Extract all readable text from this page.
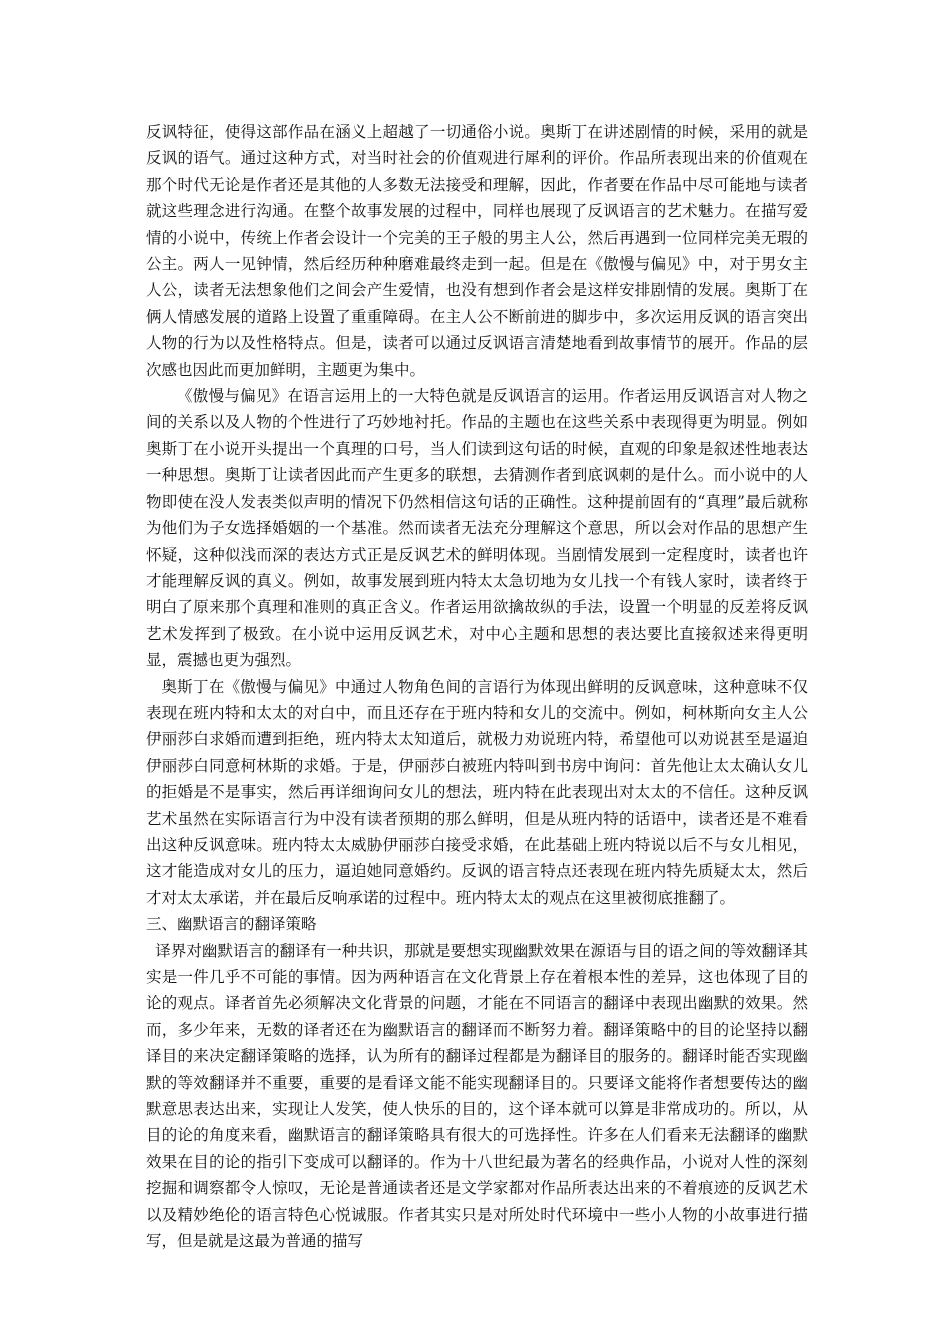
反讽特征，使得这部作品在涵义上超越了一切通俗小说。奥斯丁在讲述剧情的时候，采用的就是反讽的语气。通过这种方式，对当时社会的价值观进行犀利的评价。作品所表现出来的价值观在那个时代无论是作者还是其他的人多数无法接受和理解，因此，作者要在作品中尽可能地与读者就这些理念进行沟通。在整个故事发展的过程中，同样也展现了反讽语言的艺术魅力。在描写爱情的小说中，传统上作者会设计一个完美的王子般的男主人公，然后再遇到一位同样完美无瑕的公主。两人一见钟情，然后经历种种磨难最终走到一起。但是在《傲慢与偏见》中，对于男女主人公，读者无法想象他们之间会产生爱情，也没有想到作者会是这样安排剧情的发展。奥斯丁在俩人情感发展的道路上设置了重重障碍。在主人公不断前进的脚步中，多次运用反讽的语言突出人物的行为以及性格特点。但是，读者可以通过反讽语言清楚地看到故事情节的展开。作品的层次感也因此而更加鲜明，主题更为集中。

《傲慢与偏见》在语言运用上的一大特色就是反讽语言的运用。作者运用反讽语言对人物之间的关系以及人物的个性进行了巧妙地衬托。作品的主题也在这些关系中表现得更为明显。例如奥斯丁在小说开头提出一个真理的口号，当人们读到这句话的时候，直观的印象是叙述性地表达一种思想。奥斯丁让读者因此而产生更多的联想，去猜测作者到底讽刺的是什么。而小说中的人物即使在没人发表类似声明的情况下仍然相信这句话的正确性。这种提前固有的“真理”最后就称为他们为子女选择婚姻的一个基准。然而读者无法充分理解这个意思，所以会对作品的思想产生怀疑，这种似浅而深的表达方式正是反讽艺术的鲜明体现。当剧情发展到一定程度时，读者也许才能理解反讽的真义。例如，故事发展到班内特太太急切地为女儿找一个有钱人家时，读者终于明白了原来那个真理和准则的真正含义。作者运用欲擒故纵的手法，设置一个明显的反差将反讽艺术发挥到了极致。在小说中运用反讽艺术，对中心主题和思想的表达要比直接叙述来得更明显，震撼也更为强烈。

奥斯丁在《傲慢与偏见》中通过人物角色间的言语行为体现出鲜明的反讽意味，这种意味不仅表现在班内特和太太的对白中，而且还存在于班内特和女儿的交流中。例如，柯林斯向女主人公伊丽莎白求婚而遭到拒绝，班内特太太知道后，就极力劝说班内特，希望他可以劝说甚至是逼迫伊丽莎白同意柯林斯的求婚。于是，伊丽莎白被班内特叫到书房中询问：首先他让太太确认女儿的拒婚是不是事实，然后再详细询问女儿的想法，班内特在此表现出对太太的不信任。这种反讽艺术虽然在实际语言行为中没有读者预期的那么鲜明，但是从班内特的话语中，读者还是不难看出这种反讽意味。班内特太太威胁伊丽莎白接受求婚，在此基础上班内特说以后不与女儿相见，这才能造成对女儿的压力，逼迫她同意婚约。反讽的语言特点还表现在班内特先质疑太太，然后才对太太承诺，并在最后反响承诺的过程中。班内特太太的观点在这里被彻底推翻了。

三、幽默语言的翻译策略

译界对幽默语言的翻译有一种共识，那就是要想实现幽默效果在源语与目的语之间的等效翻译其实是一件几乎不可能的事情。因为两种语言在文化背景上存在着根本性的差异，这也体现了目的论的观点。译者首先必须解决文化背景的问题，才能在不同语言的翻译中表现出幽默的效果。然而，多少年来，无数的译者还在为幽默语言的翻译而不断努力着。翻译策略中的目的论坚持以翻译目的来决定翻译策略的选择，认为所有的翻译过程都是为翻译目的服务的。翻译时能否实现幽默的等效翻译并不重要，重要的是看译文能不能实现翻译目的。只要译文能将作者想要传达的幽默意思表达出来，实现让人发笑，使人快乐的目的，这个译本就可以算是非常成功的。所以，从目的论的角度来看，幽默语言的翻译策略具有很大的可选择性。许多在人们看来无法翻译的幽默效果在目的论的指引下变成可以翻译的。作为十八世纪最为著名的经典作品，小说对人性的深刻挖掘和调察都令人惊叹，无论是普通读者还是文学家都对作品所表达出来的不着痕迹的反讽艺术以及精妙绝伦的语言特色心悦诚服。作者其实只是对所处时代环境中一些小人物的小故事进行描写，但是就是这最为普通的描写
